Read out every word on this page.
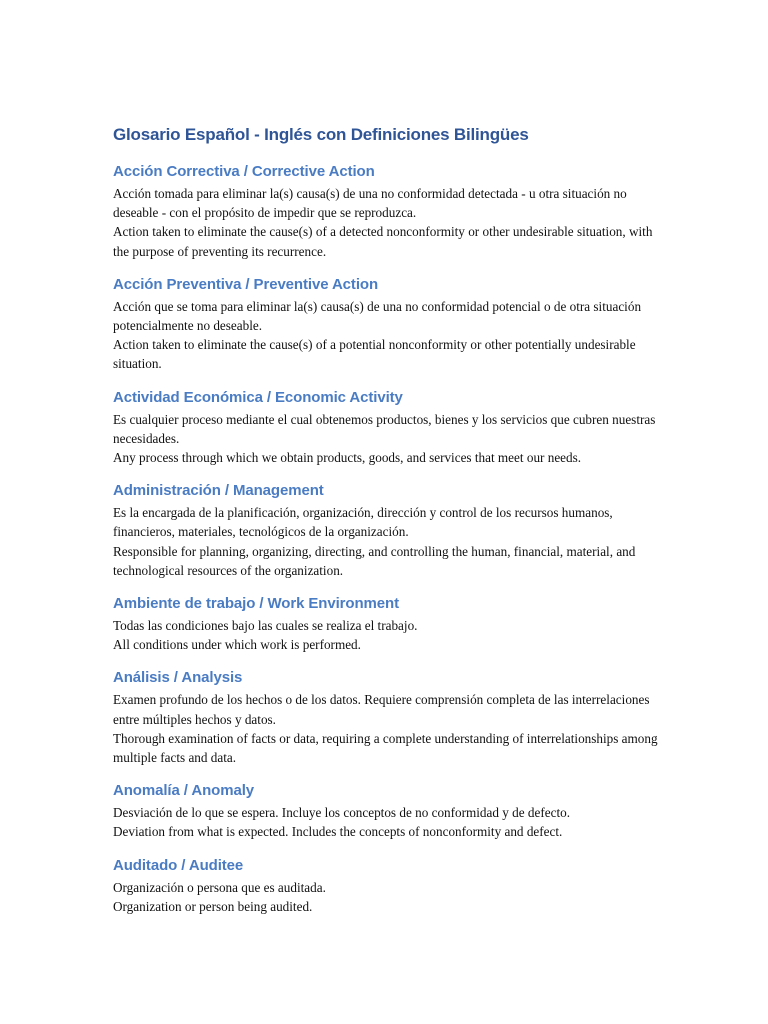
Glosario Español - Inglés con Definiciones Bilingües
Acción Correctiva / Corrective Action

Acción tomada para eliminar la(s) causa(s) de una no conformidad detectada - u otra situación no deseable - con el propósito de impedir que se reproduzca.

Action taken to eliminate the cause(s) of a detected nonconformity or other undesirable situation, with the purpose of preventing its recurrence.

Acción Preventiva / Preventive Action

Acción que se toma para eliminar la(s) causa(s) de una no conformidad potencial o de otra situación potencialmente no deseable.

Action taken to eliminate the cause(s) of a potential nonconformity or other potentially undesirable situation.

Actividad Económica / Economic Activity

Es cualquier proceso mediante el cual obtenemos productos, bienes y los servicios que cubren nuestras necesidades.

Any process through which we obtain products, goods, and services that meet our needs.

Administración / Management

Es la encargada de la planificación, organización, dirección y control de los recursos humanos, financieros, materiales, tecnológicos de la organización.

Responsible for planning, organizing, directing, and controlling the human, financial, material, and technological resources of the organization.

Ambiente de trabajo / Work Environment

Todas las condiciones bajo las cuales se realiza el trabajo.

All conditions under which work is performed.

Análisis / Analysis

Examen profundo de los hechos o de los datos. Requiere comprensión completa de las interrelaciones entre múltiples hechos y datos.

Thorough examination of facts or data, requiring a complete understanding of interrelationships among multiple facts and data.

Anomalía / Anomaly

Desviación de lo que se espera. Incluye los conceptos de no conformidad y de defecto.

Deviation from what is expected. Includes the concepts of nonconformity and defect.

Auditado / Auditee

Organización o persona que es auditada.

Organization or person being audited.
